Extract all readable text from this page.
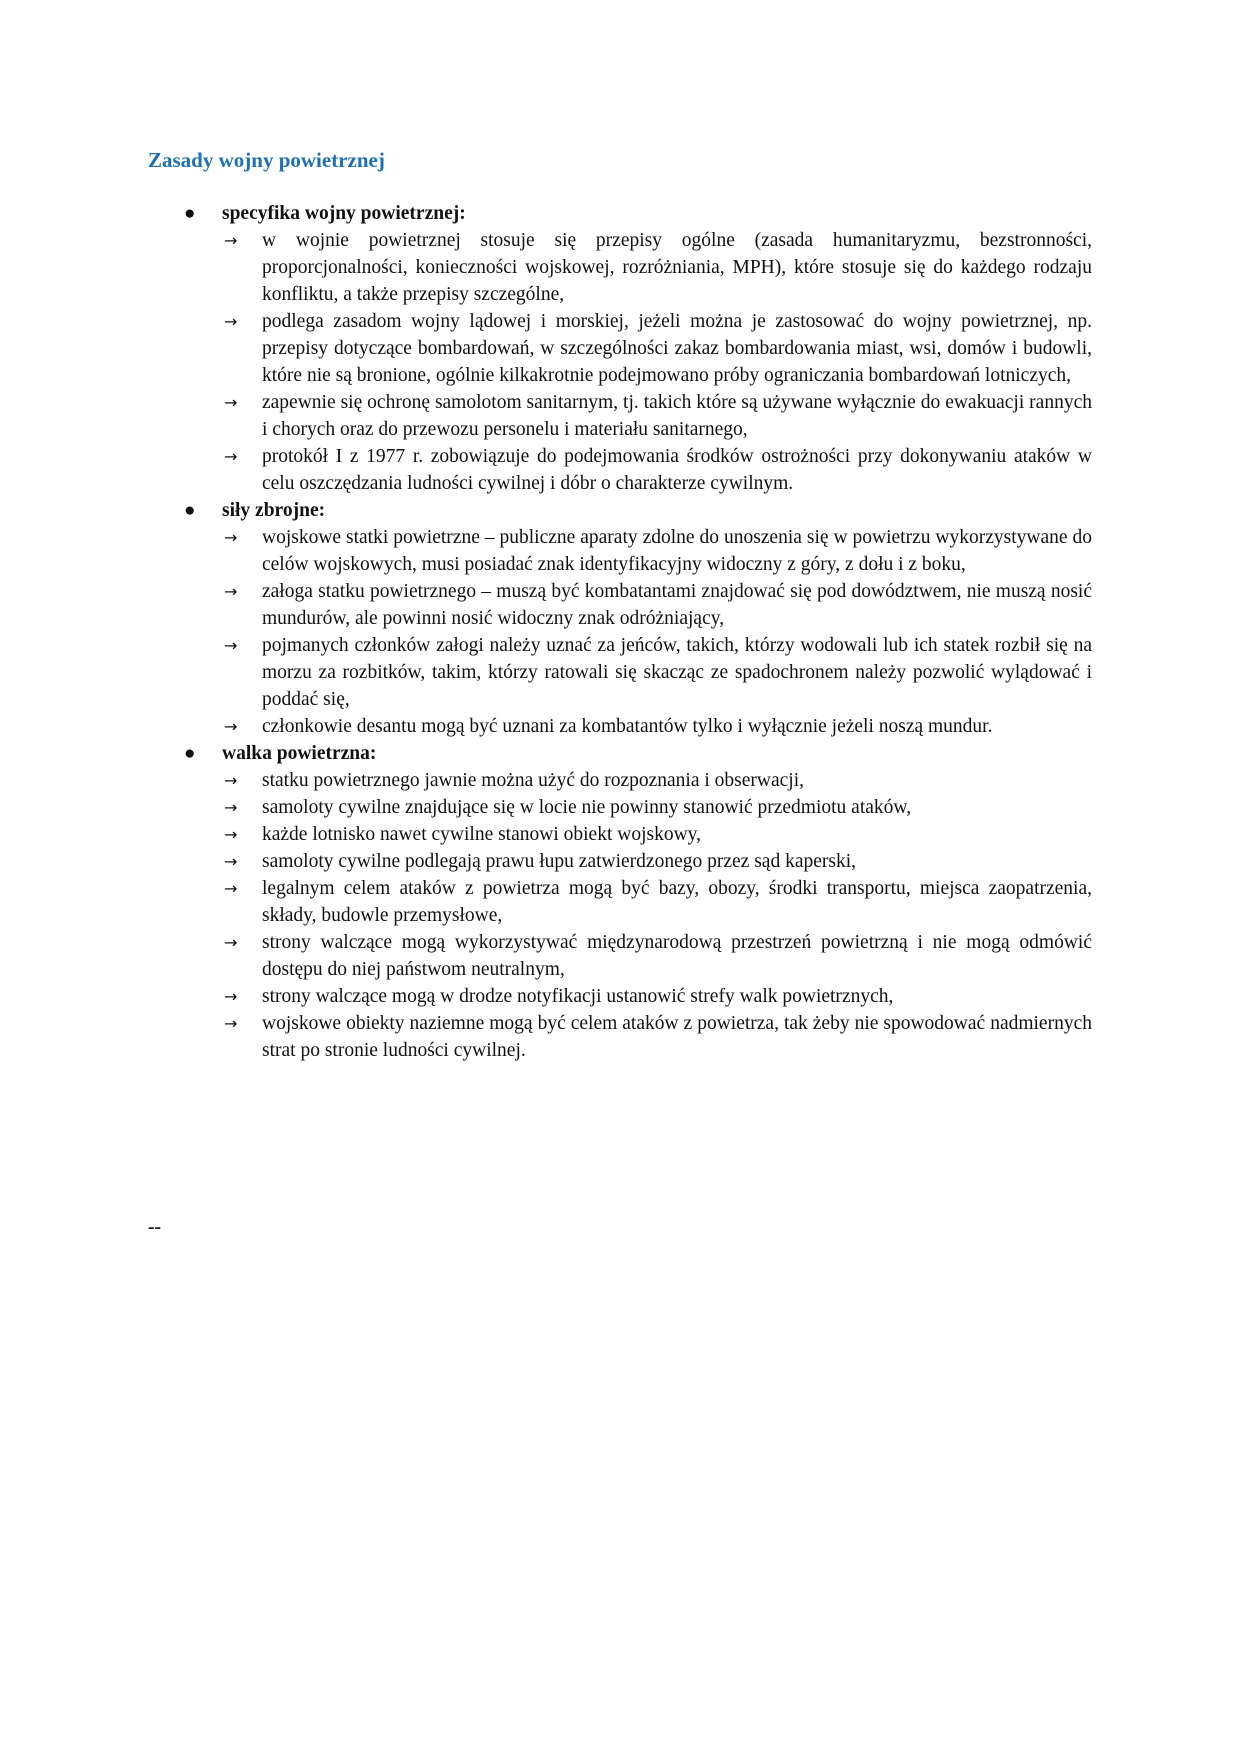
Zasady wojny powietrznej
● specyfika wojny powietrznej:
→ w wojnie powietrznej stosuje się przepisy ogólne (zasada humanitaryzmu, bezstronności, proporcjonalności, konieczności wojskowej, rozróżniania, MPH), które stosuje się do każdego rodzaju konfliktu, a także przepisy szczególne,
→ podlega zasadom wojny lądowej i morskiej, jeżeli można je zastosować do wojny powietrznej, np. przepisy dotyczące bombardowań, w szczególności zakaz bombardowania miast, wsi, domów i budowli, które nie są bronione, ogólnie kilkakrotnie podejmowano próby ograniczania bombardowań lotniczych,
→ zapewnie się ochronę samolotom sanitarnym, tj. takich które są używane wyłącznie do ewakuacji rannych i chorych oraz do przewozu personelu i materiału sanitarnego,
→ protokół I z 1977 r. zobowiązuje do podejmowania środków ostrożności przy dokonywaniu ataków w celu oszczędzania ludności cywilnej i dóbr o charakterze cywilnym.
● siły zbrojne:
→ wojskowe statki powietrzne – publiczne aparaty zdolne do unoszenia się w powietrzu wykorzystywane do celów wojskowych, musi posiadać znak identyfikacyjny widoczny z góry, z dołu i z boku,
→ załoga statku powietrznego – muszą być kombatantami znajdować się pod dowództwem, nie muszą nosić mundurów, ale powinni nosić widoczny znak odróżniający,
→ pojmanych członków załogi należy uznać za jeńców, takich, którzy wodowali lub ich statek rozbił się na morzu za rozbitków, takim, którzy ratowali się skacząc ze spadochronem należy pozwolić wylądować i poddać się,
→ członkowie desantu mogą być uznani za kombatantów tylko i wyłącznie jeżeli noszą mundur.
● walka powietrzna:
→ statku powietrznego jawnie można użyć do rozpoznania i obserwacji,
→ samoloty cywilne znajdujące się w locie nie powinny stanowić przedmiotu ataków,
→ każde lotnisko nawet cywilne stanowi obiekt wojskowy,
→ samoloty cywilne podlegają prawu łupu zatwierdzonego przez sąd kaperski,
→ legalnym celem ataków z powietrza mogą być bazy, obozy, środki transportu, miejsca zaopatrzenia, składy, budowle przemysłowe,
→ strony walczące mogą wykorzystywać międzynarodową przestrzeń powietrzną i nie mogą odmówić dostępu do niej państwom neutralnym,
→ strony walczące mogą w drodze notyfikacji ustanowić strefy walk powietrznych,
→ wojskowe obiekty naziemne mogą być celem ataków z powietrza, tak żeby nie spowodować nadmiernych strat po stronie ludności cywilnej.
--
